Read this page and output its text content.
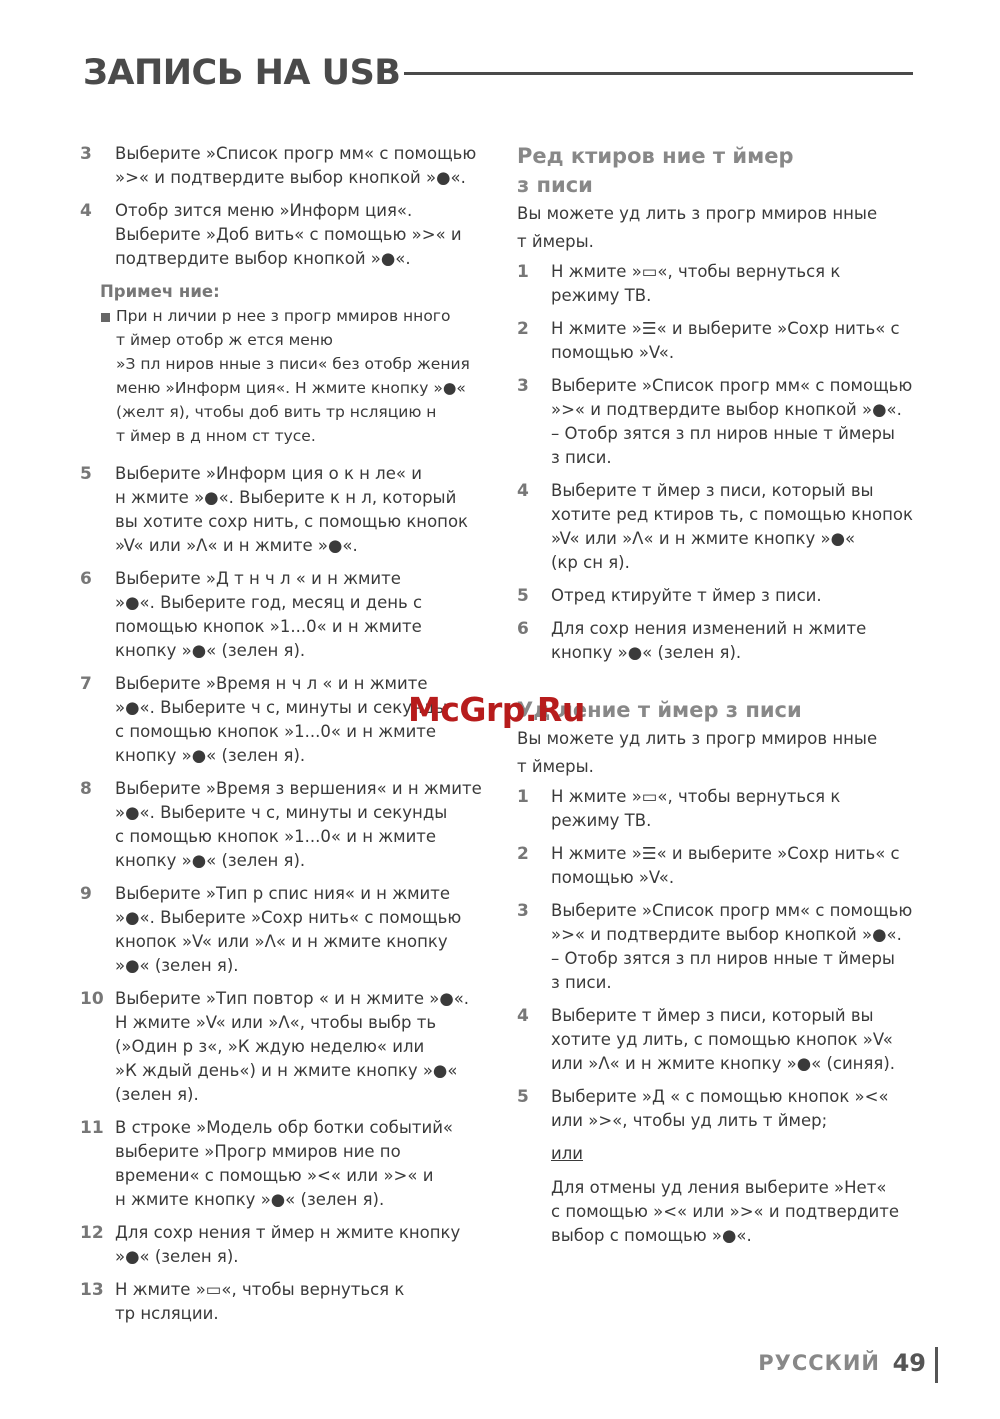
ЗАПИСЬ НА USB
3 Выберите »Список прогр мм« с помощью
»>« и подтвердите выбор кнопкой »●«.
4 Отобр зится меню »Информ ция«.
Выберите »Доб вить« с помощью »>« и
подтвердите выбор кнопкой »●«.
Примеч ние:
При н личии р нее з прогр ммиров нного
т ймер отобр ж ется меню
»З пл ниров нные з писи« без отобр жения
меню »Информ ция«. Н жмите кнопку »●«
(желт я), чтобы доб вить тр нсляцию н
т ймер в д нном ст тусе.
5 Выберите »Информ ция о к н ле« и
н жмите »●«. Выберите к н л, который
вы хотите сохр нить, с помощью кнопок
»V« или »Λ« и н жмите »●«.
6 Выберите »Д т н ч л « и н жмите
»●«. Выберите год, месяц и день с
помощью кнопок »1...0« и н жмите
кнопку »●« (зелен я).
7 Выберите »Время н ч л « и н жмите
»●«. Выберите ч с, минуты и секунды
с помощью кнопок »1...0« и н жмите
кнопку »●« (зелен я).
8 Выберите »Время з вершения« и н жмите
»●«. Выберите ч с, минуты и секунды
с помощью кнопок »1...0« и н жмите
кнопку »●« (зелен я).
9 Выберите »Тип р спис ния« и н жмите
»●«. Выберите »Сохр нить« с помощью
кнопок »V« или »Λ« и н жмите кнопку
»●« (зелен я).
10 Выберите »Тип повтор « и н жмите »●«.
Н жмите »V« или »Λ«, чтобы выбр ть
(»Один р з«, »К ждую неделю« или
»К ждый день«) и н жмите кнопку »●«
(зелен я).
11 В строке »Модель обр ботки событий«
выберите »Прогр ммиров ние по
времени« с помощью »<« или »>« и
н жмите кнопку »●« (зелен я).
12 Для сохр нения т ймер н жмите кнопку
»●« (зелен я).
13 Н жмите »▭«, чтобы вернуться к
тр нсляции.
Ред ктиров ние т ймер
з писи
Вы можете уд лить з прогр ммиров нные
т ймеры.
1 Н жмите »▭«, чтобы вернуться к
режиму ТВ.
2 Н жмите »☰« и выберите »Сохр нить« с
помощью »V«.
3 Выберите »Список прогр мм« с помощью
»>« и подтвердите выбор кнопкой »●«.
– Отобр зятся з пл ниров нные т ймеры
з писи.
4 Выберите т ймер з писи, который вы
хотите ред ктиров ть, с помощью кнопок
»V« или »Λ« и н жмите кнопку »●«
(кр сн я).
5 Отред ктируйте т ймер з писи.
6 Для сохр нения изменений н жмите
кнопку »●« (зелен я).
Уд ление т ймер з писи
Вы можете уд лить з прогр ммиров нные
т ймеры.
1 Н жмите »▭«, чтобы вернуться к
режиму ТВ.
2 Н жмите »☰« и выберите »Сохр нить« с
помощью »V«.
3 Выберите »Список прогр мм« с помощью
»>« и подтвердите выбор кнопкой »●«.
– Отобр зятся з пл ниров нные т ймеры
з писи.
4 Выберите т ймер з писи, который вы
хотите уд лить, с помощью кнопок »V«
или »Λ« и н жмите кнопку »●« (синяя).
5 Выберите »Д « с помощью кнопок »<«
или »>«, чтобы уд лить т ймер;
или
Для отмены уд ления выберите »Нет«
с помощью »<« или »>« и подтвердите
выбор с помощью »●«.
McGrp.Ru
РУССКИЙ 49
